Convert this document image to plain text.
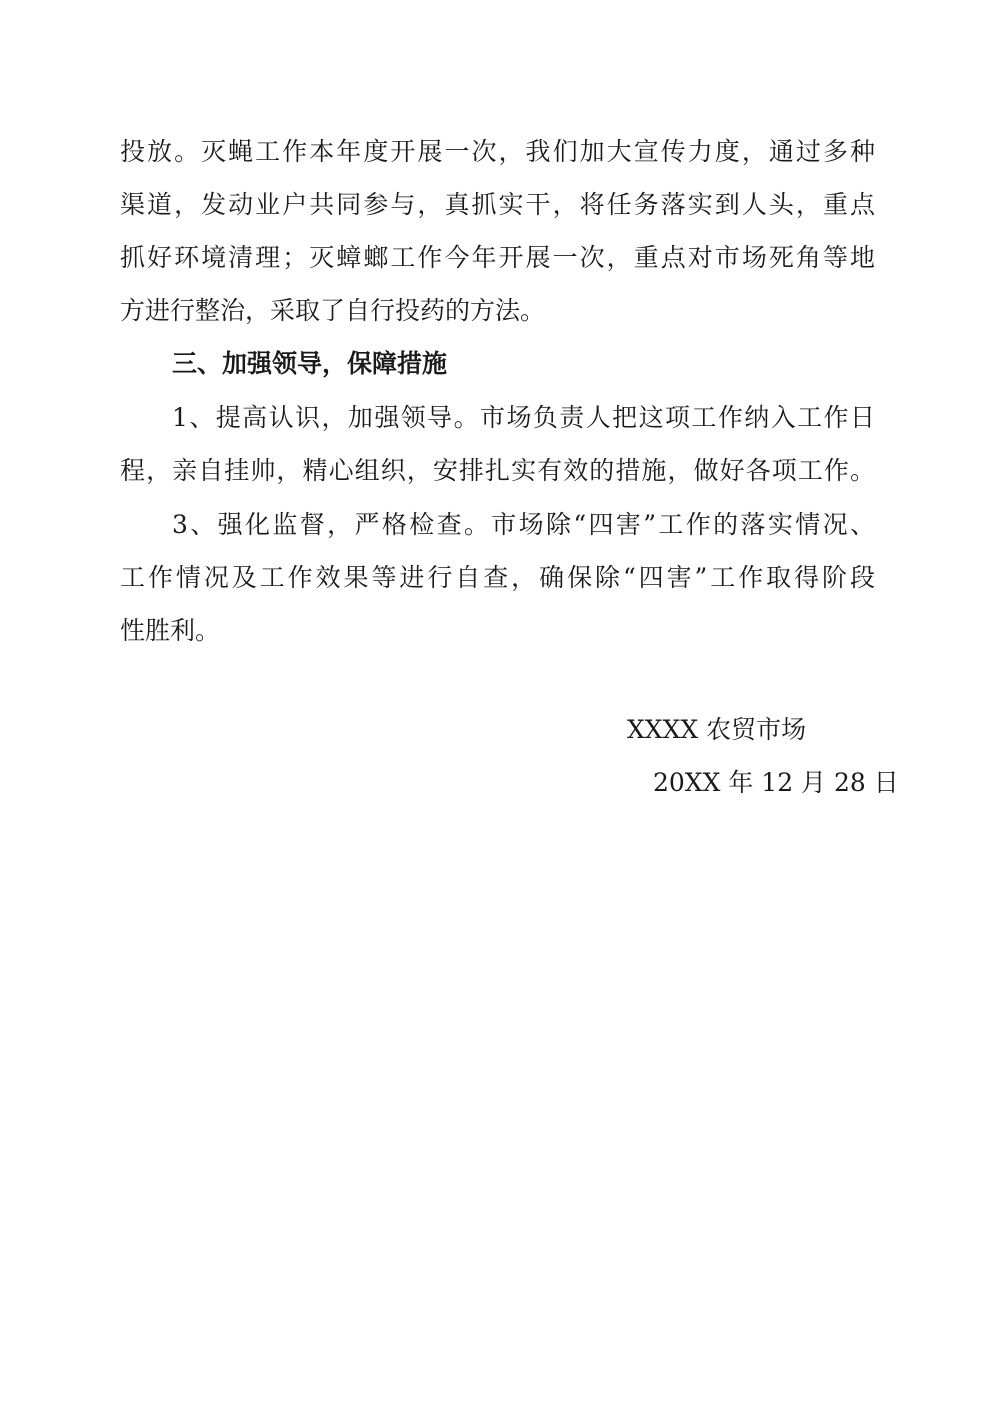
投放。灭蝇工作本年度开展一次，我们加大宣传力度，通过多种
渠道，发动业户共同参与，真抓实干，将任务落实到人头，重点
抓好环境清理；灭蟑螂工作今年开展一次，重点对市场死角等地
方进行整治，采取了自行投药的方法。
三、加强领导，保障措施
1、提高认识，加强领导。市场负责人把这项工作纳入工作日
程，亲自挂帅，精心组织，安排扎实有效的措施，做好各项工作。
3、强化监督，严格检查。市场除“四害”工作的落实情况、
工作情况及工作效果等进行自查，确保除“四害”工作取得阶段
性胜利。
XXXX 农贸市场
20XX 年 12 月 28 日
